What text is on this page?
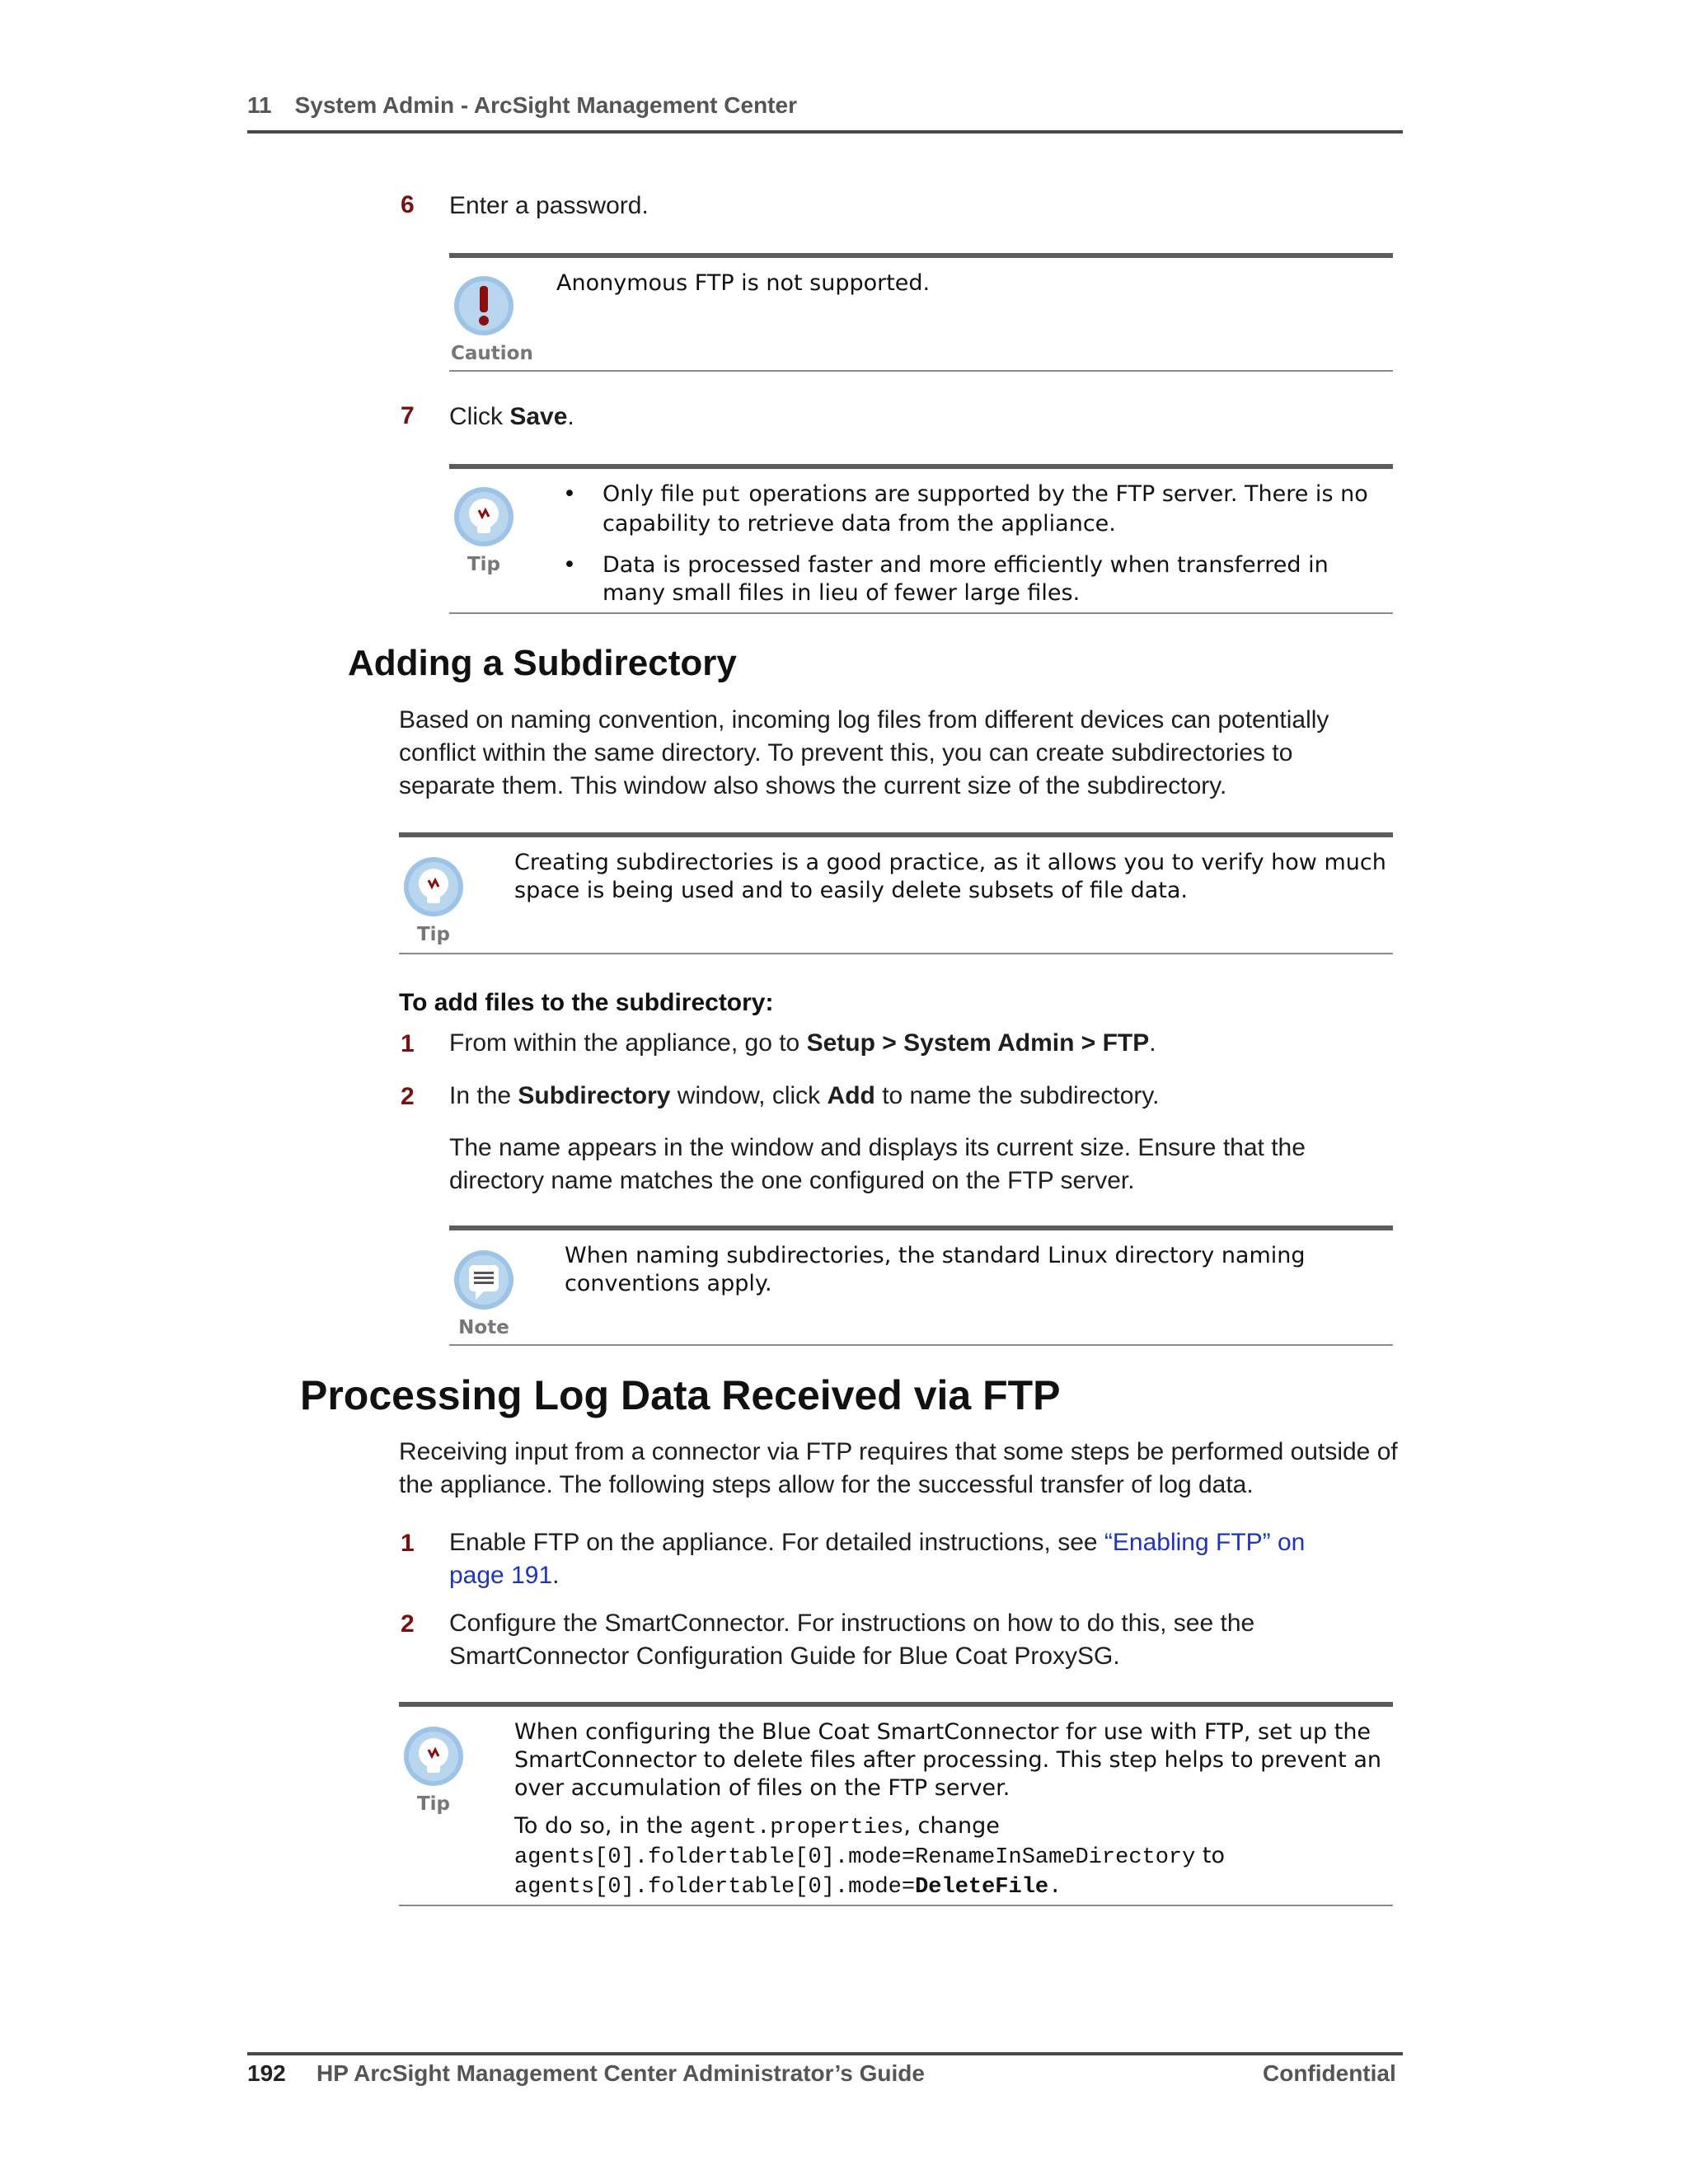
11 System Admin - ArcSight Management Center
6 Enter a password.
Caution
Anonymous FTP is not supported.
7 Click Save.
Tip
• Only file put operations are supported by the FTP server. There is no
capability to retrieve data from the appliance.
• Data is processed faster and more efficiently when transferred in
many small files in lieu of fewer large files.
Adding a Subdirectory
Based on naming convention, incoming log files from different devices can potentially
conflict within the same directory. To prevent this, you can create subdirectories to
separate them. This window also shows the current size of the subdirectory.
Tip
Creating subdirectories is a good practice, as it allows you to verify how much
space is being used and to easily delete subsets of file data.
To add files to the subdirectory:
1 From within the appliance, go to Setup > System Admin > FTP.
2 In the Subdirectory window, click Add to name the subdirectory.
The name appears in the window and displays its current size. Ensure that the
directory name matches the one configured on the FTP server.
Note
When naming subdirectories, the standard Linux directory naming
conventions apply.
Processing Log Data Received via FTP
Receiving input from a connector via FTP requires that some steps be performed outside of
the appliance. The following steps allow for the successful transfer of log data.
1 Enable FTP on the appliance. For detailed instructions, see “Enabling FTP” on
page 191.
2 Configure the SmartConnector. For instructions on how to do this, see the
SmartConnector Configuration Guide for Blue Coat ProxySG.
Tip
When configuring the Blue Coat SmartConnector for use with FTP, set up the
SmartConnector to delete files after processing. This step helps to prevent an
over accumulation of files on the FTP server.
To do so, in the agent.properties, change
agents[0].foldertable[0].mode=RenameInSameDirectory to
agents[0].foldertable[0].mode=DeleteFile.
192 HP ArcSight Management Center Administrator’s Guide	Confidential
